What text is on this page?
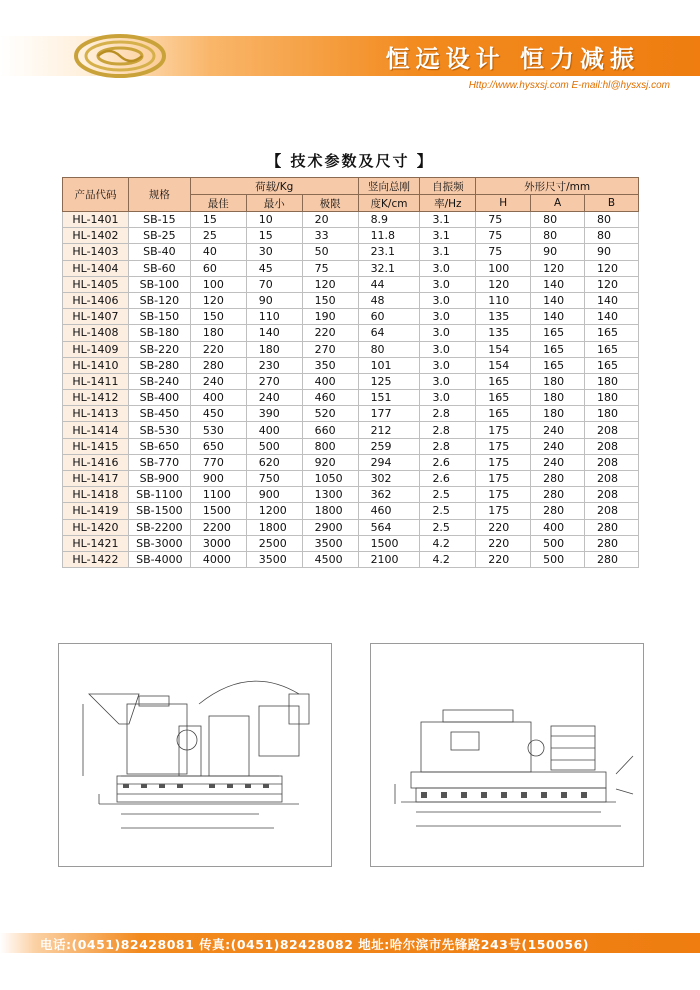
恒远设计 恒力减振
Http://www.hysxsj.com E-mail:hl@hysxsj.com
【 技术参数及尺寸 】
产品代码	规格	荷载/Kg			竖向总刚	自振频	外形尺寸/mm		
		最佳	最小	极限	度K/cm	率/Hz	H	A	B
HL-1401	SB-15	15	10	20	8.9	3.1	75	80	80
HL-1402	SB-25	25	15	33	11.8	3.1	75	80	80
HL-1403	SB-40	40	30	50	23.1	3.1	75	90	90
HL-1404	SB-60	60	45	75	32.1	3.0	100	120	120
HL-1405	SB-100	100	70	120	44	3.0	120	140	120
HL-1406	SB-120	120	90	150	48	3.0	110	140	140
HL-1407	SB-150	150	110	190	60	3.0	135	140	140
HL-1408	SB-180	180	140	220	64	3.0	135	165	165
HL-1409	SB-220	220	180	270	80	3.0	154	165	165
HL-1410	SB-280	280	230	350	101	3.0	154	165	165
HL-1411	SB-240	240	270	400	125	3.0	165	180	180
HL-1412	SB-400	400	240	460	151	3.0	165	180	180
HL-1413	SB-450	450	390	520	177	2.8	165	180	180
HL-1414	SB-530	530	400	660	212	2.8	175	240	208
HL-1415	SB-650	650	500	800	259	2.8	175	240	208
HL-1416	SB-770	770	620	920	294	2.6	175	240	208
HL-1417	SB-900	900	750	1050	302	2.6	175	280	208
HL-1418	SB-1100	1100	900	1300	362	2.5	175	280	208
HL-1419	SB-1500	1500	1200	1800	460	2.5	175	280	208
HL-1420	SB-2200	2200	1800	2900	564	2.5	220	400	280
HL-1421	SB-3000	3000	2500	3500	1500	4.2	220	500	280
HL-1422	SB-4000	4000	3500	4500	2100	4.2	220	500	280
电话:(0451)82428081 传真:(0451)82428082 地址:哈尔滨市先锋路243号(150056)
